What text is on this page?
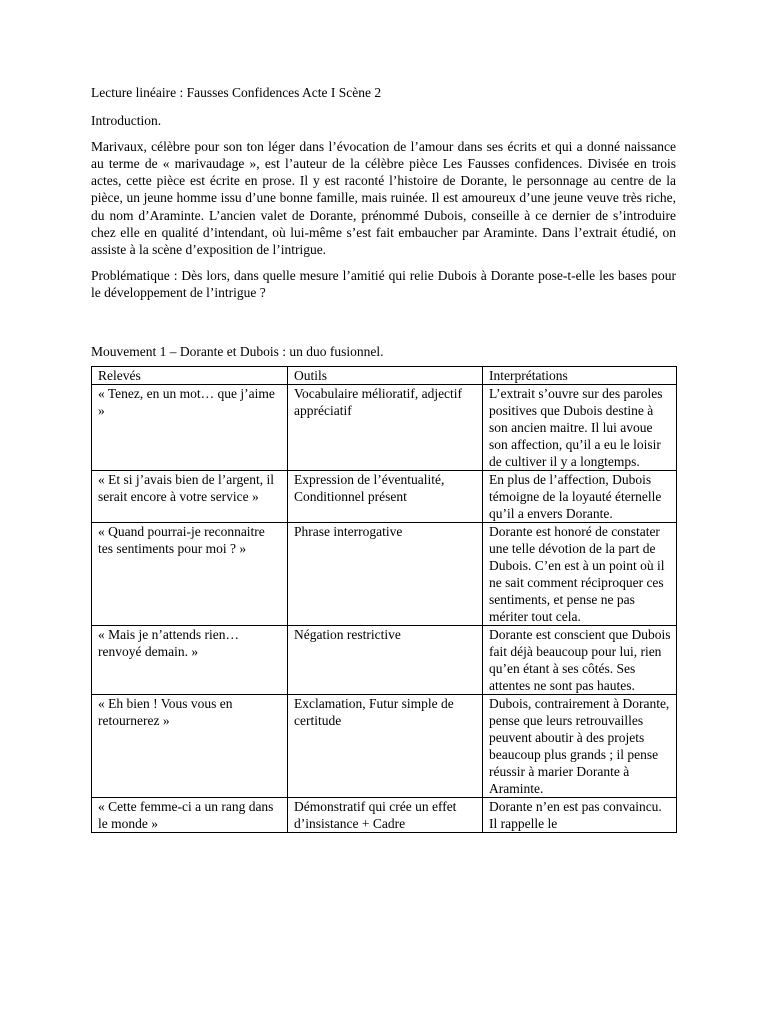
Lecture linéaire : Fausses Confidences Acte I Scène 2
Introduction.
Marivaux, célèbre pour son ton léger dans l’évocation de l’amour dans ses écrits et qui a donné naissance au terme de « marivaudage », est l’auteur de la célèbre pièce Les Fausses confidences. Divisée en trois actes, cette pièce est écrite en prose. Il y est raconté l’histoire de Dorante, le personnage au centre de la pièce, un jeune homme issu d’une bonne famille, mais ruinée. Il est amoureux d’une jeune veuve très riche, du nom d’Araminte. L’ancien valet de Dorante, prénommé Dubois, conseille à ce dernier de s’introduire chez elle en qualité d’intendant, où lui-même s’est fait embaucher par Araminte. Dans l’extrait étudié, on assiste à la scène d’exposition de l’intrigue.
Problématique : Dès lors, dans quelle mesure l’amitié qui relie Dubois à Dorante pose-t-elle les bases pour le développement de l’intrigue ?
Mouvement 1 – Dorante et Dubois : un duo fusionnel.
Relevés	Outils	Interprétations
« Tenez, en un mot… que j’aime »	Vocabulaire mélioratif, adjectif appréciatif	L’extrait s’ouvre sur des paroles positives que Dubois destine à son ancien maitre. Il lui avoue son affection, qu’il a eu le loisir de cultiver il y a longtemps.
« Et si j’avais bien de l’argent, il serait encore à votre service »	Expression de l’éventualité, Conditionnel présent	En plus de l’affection, Dubois témoigne de la loyauté éternelle qu’il a envers Dorante.
« Quand pourrai-je reconnaitre tes sentiments pour moi ? »	Phrase interrogative	Dorante est honoré de constater une telle dévotion de la part de Dubois. C’en est à un point où il ne sait comment réciproquer ces sentiments, et pense ne pas mériter tout cela.
« Mais je n’attends rien… renvoyé demain. »	Négation restrictive	Dorante est conscient que Dubois fait déjà beaucoup pour lui, rien qu’en étant à ses côtés. Ses attentes ne sont pas hautes.
« Eh bien ! Vous vous en retournerez »	Exclamation, Futur simple de certitude	Dubois, contrairement à Dorante, pense que leurs retrouvailles peuvent aboutir à des projets beaucoup plus grands ; il pense réussir à marier Dorante à Araminte.
« Cette femme-ci a un rang dans le monde »	Démonstratif qui crée un effet d’insistance + Cadre	Dorante n’en est pas convaincu. Il rappelle le
